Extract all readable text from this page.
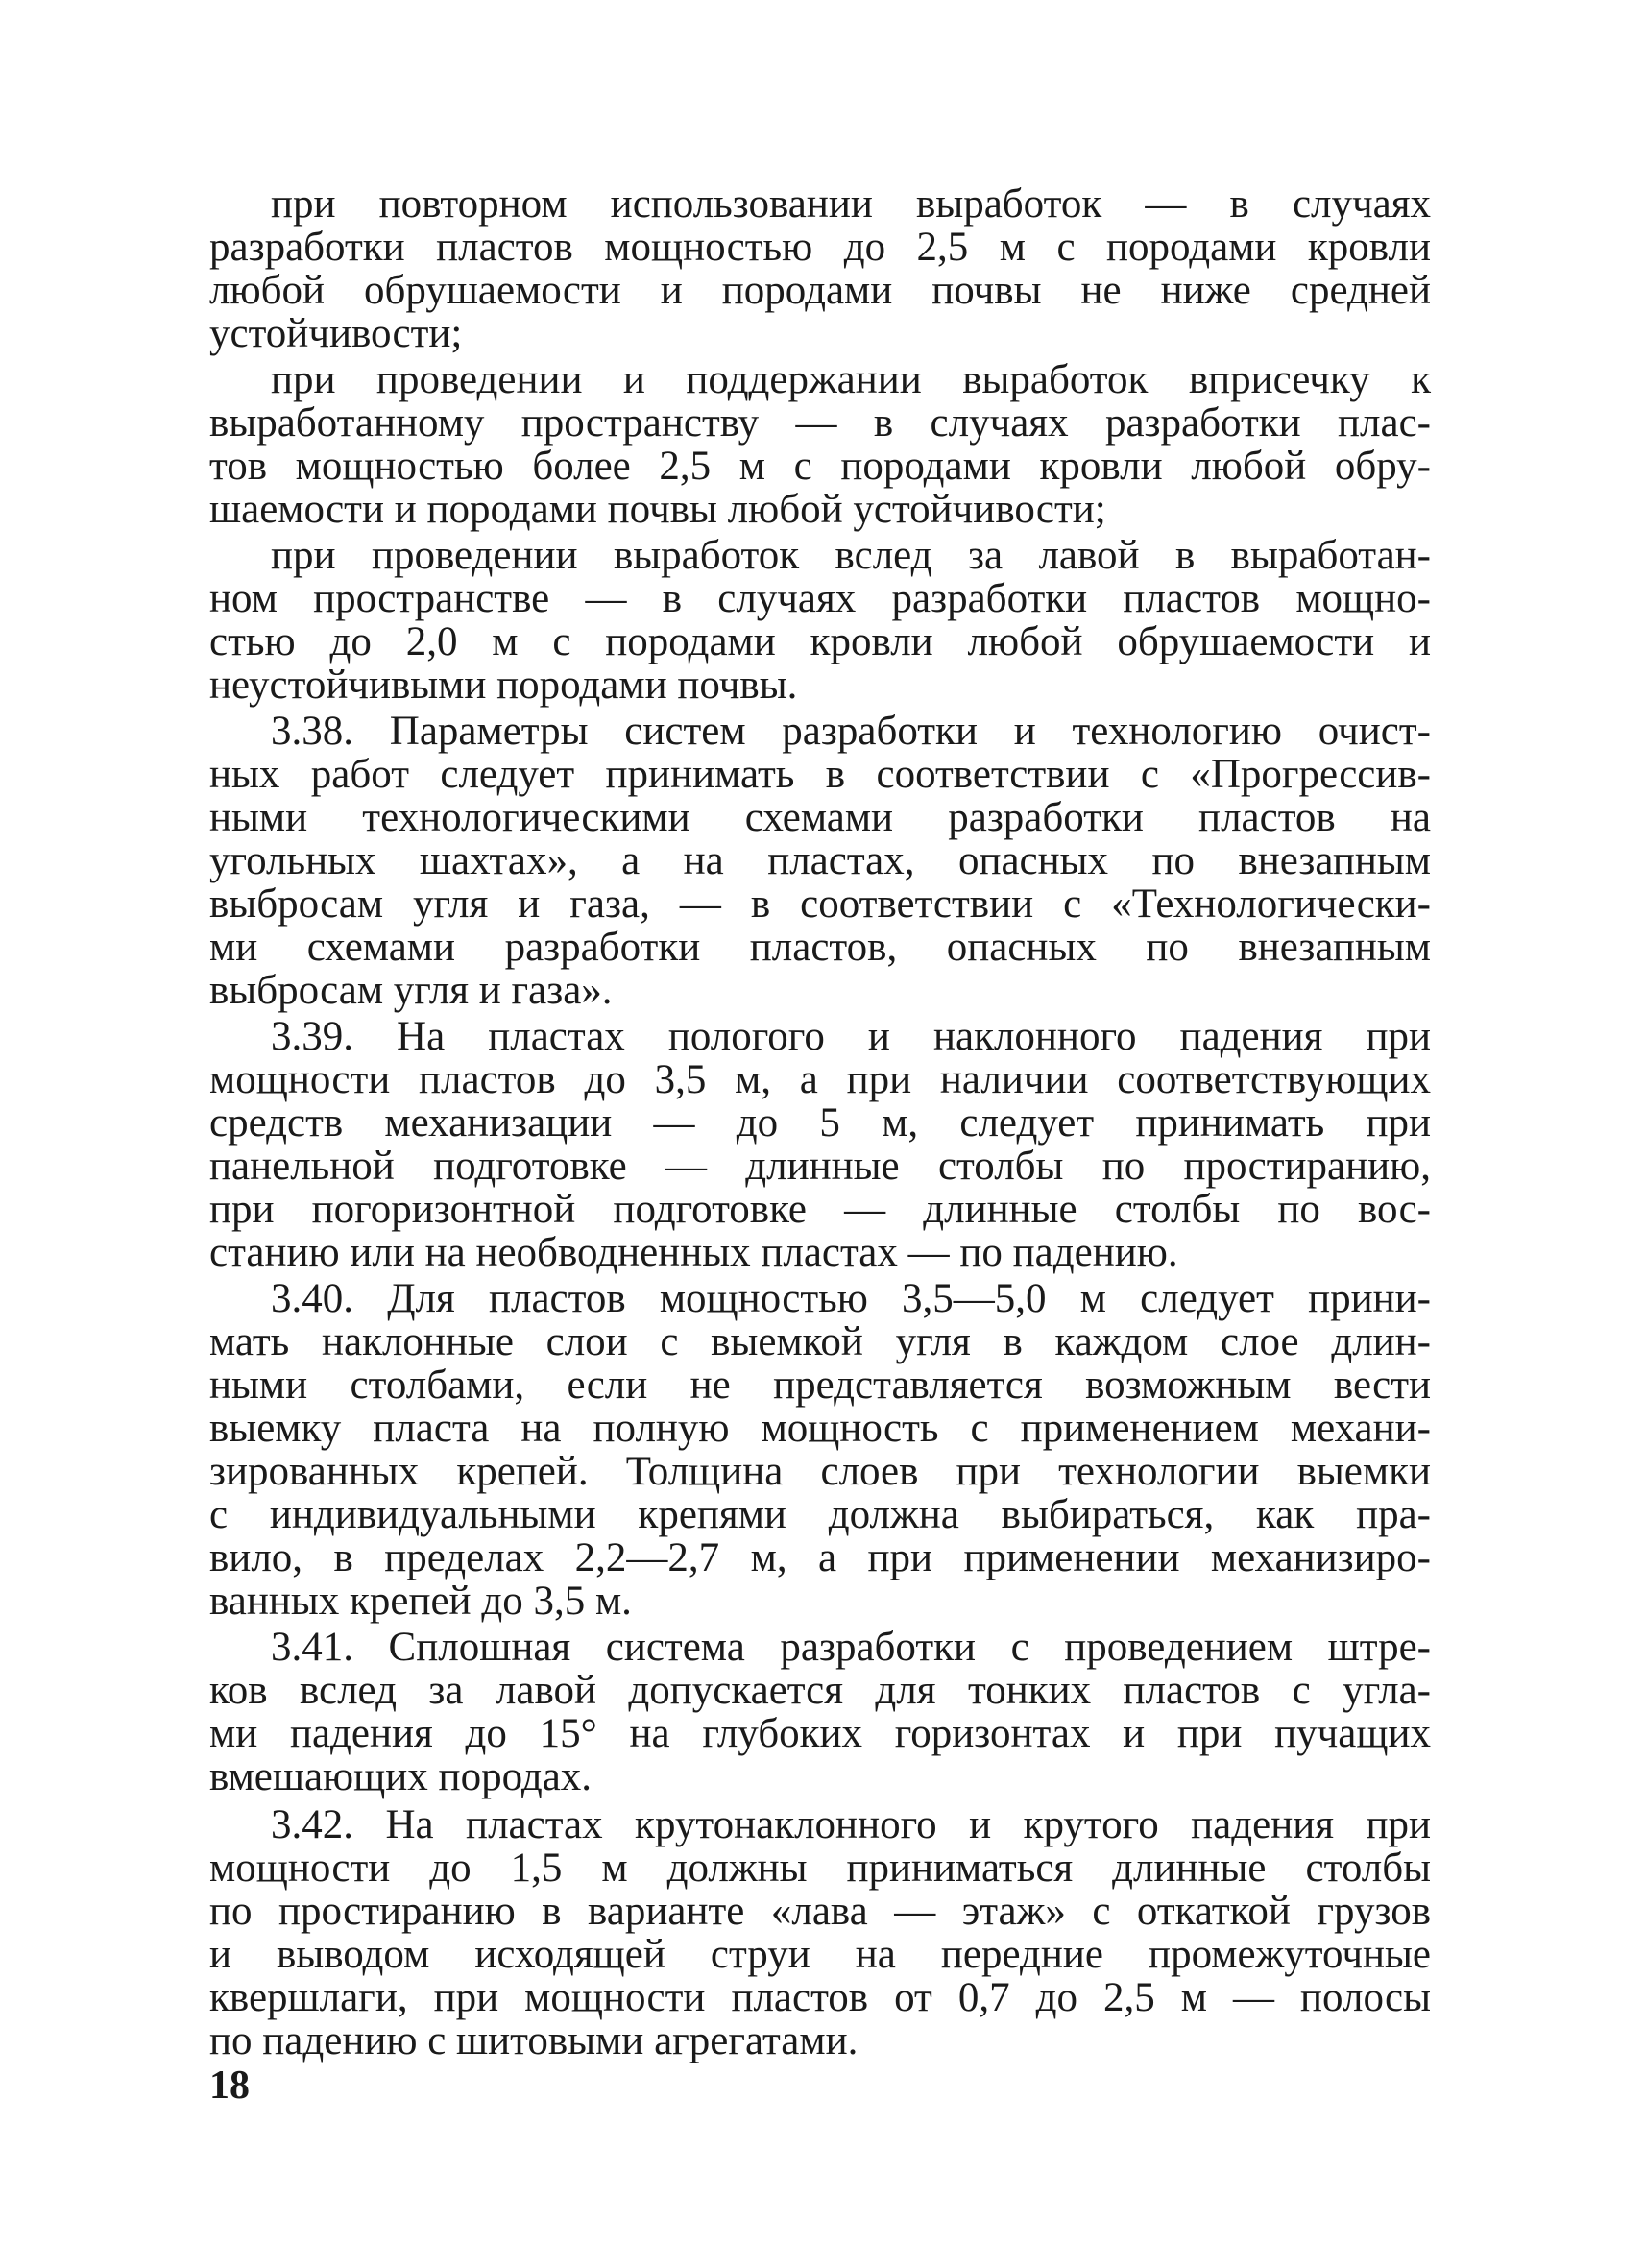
при повторном использовании выработок — в случаях
разработки пластов мощностью до 2,5 м с породами кровли
любой обрушаемости и породами почвы не ниже средней
устойчивости;
при проведении и поддержании выработок вприсечку к
выработанному пространству — в случаях разработки плас-
тов мощностью более 2,5 м с породами кровли любой обру-
шаемости и породами почвы любой устойчивости;
при проведении выработок вслед за лавой в выработан-
ном пространстве — в случаях разработки пластов мощно-
стью до 2,0 м с породами кровли любой обрушаемости и
неустойчивыми породами почвы.
3.38. Параметры систем разработки и технологию очист-
ных работ следует принимать в соответствии с «Прогрессив-
ными технологическими схемами разработки пластов на
угольных шахтах», а на пластах, опасных по внезапным
выбросам угля и газа, — в соответствии с «Технологически-
ми схемами разработки пластов, опасных по внезапным
выбросам угля и газа».
3.39. На пластах пологого и наклонного падения при
мощности пластов до 3,5 м, а при наличии соответствующих
средств механизации — до 5 м, следует принимать при
панельной подготовке — длинные столбы по простиранию,
при погоризонтной подготовке — длинные столбы по вос-
станию или на необводненных пластах — по падению.
3.40. Для пластов мощностью 3,5—5,0 м следует прини-
мать наклонные слои с выемкой угля в каждом слое длин-
ными столбами, если не представляется возможным вести
выемку пласта на полную мощность с применением механи-
зированных крепей. Толщина слоев при технологии выемки
с индивидуальными крепями должна выбираться, как пра-
вило, в пределах 2,2—2,7 м, а при применении механизиро-
ванных крепей до 3,5 м.
3.41. Сплошная система разработки с проведением штре-
ков вслед за лавой допускается для тонких пластов с угла-
ми падения до 15° на глубоких горизонтах и при пучащих
вмешающих породах.
3.42. На пластах крутонаклонного и крутого падения при
мощности до 1,5 м должны приниматься длинные столбы
по простиранию в варианте «лава — этаж» с откаткой грузов
и выводом исходящей струи на передние промежуточные
квершлаги, при мощности пластов от 0,7 до 2,5 м — полосы
по падению с шитовыми агрегатами.
18
